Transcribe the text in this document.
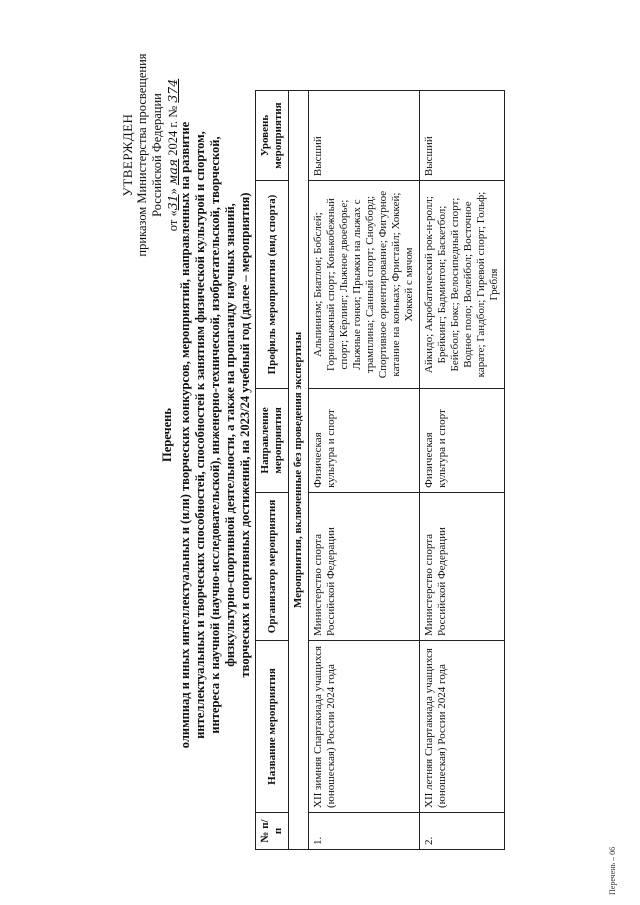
УТВЕРЖДЕН приказом Министерства просвещения Российской Федерации
от «31» мая 2024 г. № 374
Перечень олимпиад и иных интеллектуальных и (или) творческих конкурсов, мероприятий, направленных на развитие интеллектуальных и творческих способностей, способностей к занятиям физической культурой и спортом, интереса к научной (научно-исследовательской), инженерно-технической, изобретательской, творческой, физкультурно-спортивной деятельности, а также на пропаганду научных знаний, творческих и спортивных достижений, на 2023/24 учебный год (далее – мероприятия)
№ п/п	Название мероприятия	Организатор мероприятия	Направление мероприятия	Профиль мероприятия (вид спорта)	Уровень мероприятия
Мероприятия, включенные без проведения экспертизы					
1.	XII зимняя Спартакиада учащихся (юношеская) России 2024 года	Министерство спорта Российской Федерации	Физическая культура и спорт	Альпинизм; Биатлон; Бобслей; Горнолыжный спорт; Конькобежный спорт; Кёрлинг; Лыжное двоеборье; Лыжные гонки; Прыжки на лыжах с трамплина; Санный спорт; Сноуборд; Спортивное ориентирование; Фигурное катание на коньках; Фристайл; Хоккей; Хоккей с мячом	Высший
2.	XII летняя Спартакиада учащихся (юношеская) России 2024 года	Министерство спорта Российской Федерации	Физическая культура и спорт	Айкидо; Акробатический рок-н-ролл; Брейкинг; Бадминтон; Баскетбол; Бейсбол; Бокс; Велосипедный спорт; Водное поло; Волейбол; Восточное карате; Гандбол; Гиревой спорт; Гольф; Гребля	Высший
Перечень – 06
